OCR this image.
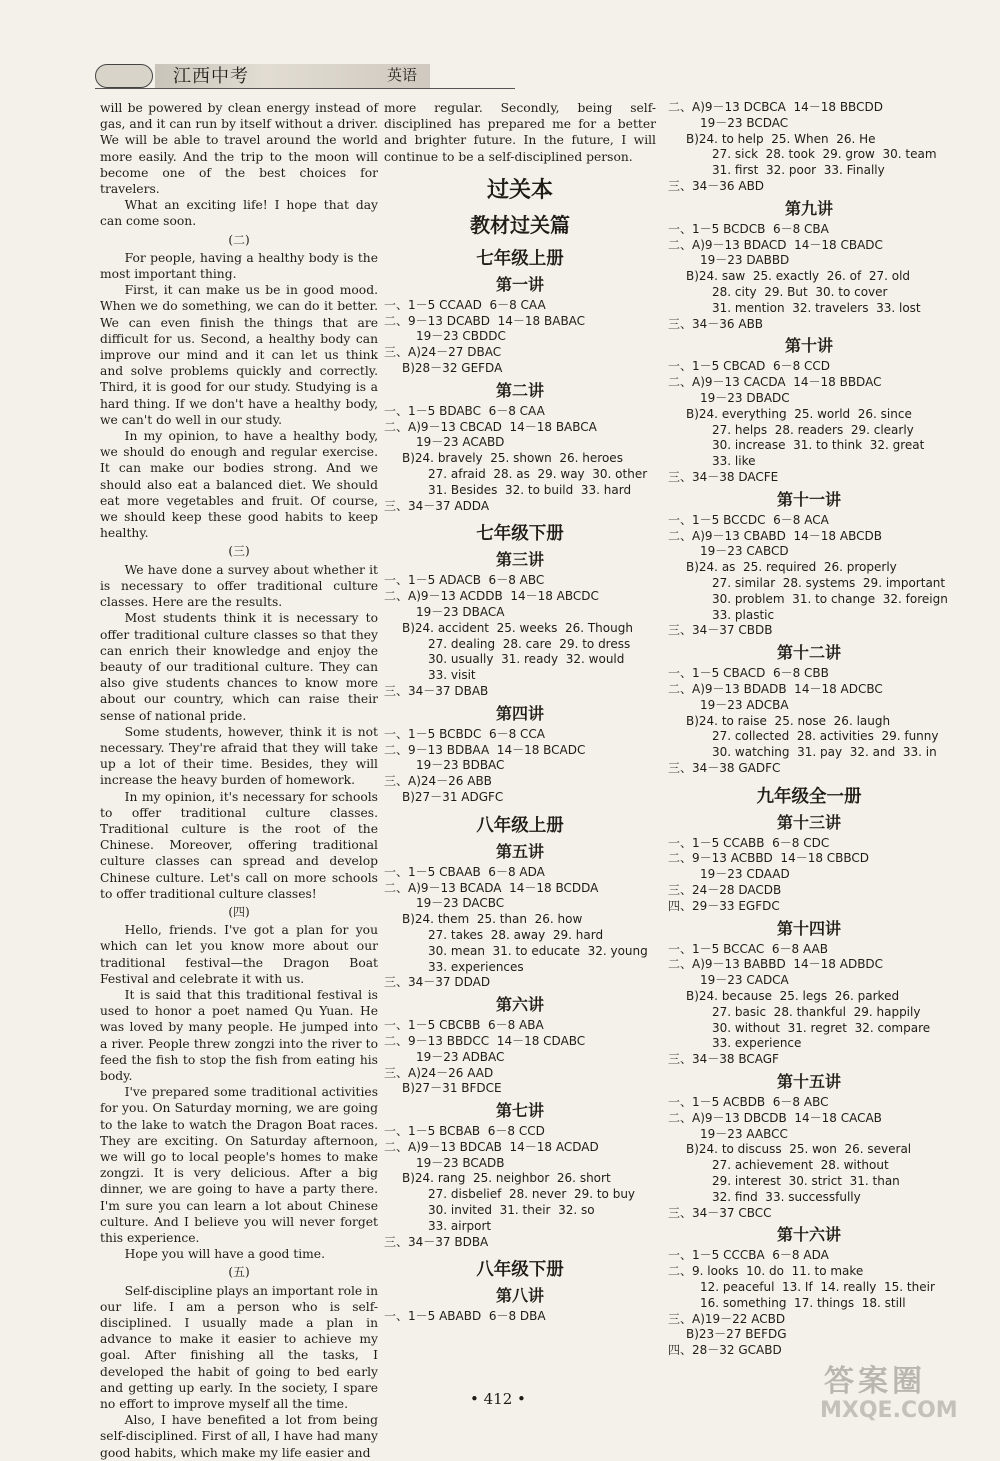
江西中考	英语

will be powered by clean energy instead of gas, and it can run by itself without a driver. We will be able to travel around the world more easily. And the trip to the moon will become one of the best choices for travelers.

What an exciting life! I hope that day can come soon.

(二)

For people, having a healthy body is the most important thing.

First, it can make us be in good mood. When we do something, we can do it better. We can even finish the things that are difficult for us. Second, a healthy body can improve our mind and it can let us think and solve problems quickly and correctly. Third, it is good for our study. Studying is a hard thing. If we don't have a healthy body, we can't do well in our study.

In my opinion, to have a healthy body, we should do enough and regular exercise. It can make our bodies strong. And we should also eat a balanced diet. We should eat more vegetables and fruit. Of course, we should keep these good habits to keep healthy.

(三)

We have done a survey about whether it is necessary to offer traditional culture classes. Here are the results.

Most students think it is necessary to offer traditional culture classes so that they can enrich their knowledge and enjoy the beauty of our traditional culture. They can also give students chances to know more about our country, which can raise their sense of national pride.

Some students, however, think it is not necessary. They're afraid that they will take up a lot of their time. Besides, they will increase the heavy burden of homework.

In my opinion, it's necessary for schools to offer traditional culture classes. Traditional culture is the root of the Chinese. Moreover, offering traditional culture classes can spread and develop Chinese culture. Let's call on more schools to offer traditional culture classes!

(四)

Hello, friends. I've got a plan for you which can let you know more about our traditional festival—the Dragon Boat Festival and celebrate it with us.

It is said that this traditional festival is used to honor a poet named Qu Yuan. He was loved by many people. He jumped into a river. People threw zongzi into the river to feed the fish to stop the fish from eating his body.

I've prepared some traditional activities for you. On Saturday morning, we are going to the lake to watch the Dragon Boat races. They are exciting. On Saturday afternoon, we will go to local people's homes to make zongzi. It is very delicious. After a big dinner, we are going to have a party there. I'm sure you can learn a lot about Chinese culture. And I believe you will never forget this experience.

Hope you will have a good time.

(五)

Self-discipline plays an important role in our life. I am a person who is self-disciplined. I usually made a plan in advance to make it easier to achieve my goal. After finishing all the tasks, I developed the habit of going to bed early and getting up early. In the society, I spare no effort to improve myself all the time.

Also, I have benefited a lot from being self-disciplined. First of all, I have had many good habits, which make my life easier and

more regular. Secondly, being self-disciplined has prepared me for a better and brighter future. In the future, I will continue to be a self-disciplined person.

过关本
教材过关篇
七年级上册
第一讲
一、1－5 CCAAD  6－8 CAA
二、9－13 DCABD  14－18 BABAC
19－23 CBDDC
三、A)24－27 DBAC
B)28－32 GEFDA
第二讲
一、1－5 BDABC  6－8 CAA
二、A)9－13 CBCAD  14－18 BABCA
19－23 ACABD
B)24. bravely  25. shown  26. heroes
27. afraid  28. as  29. way  30. other
31. Besides  32. to build  33. hard
三、34－37 ADDA
七年级下册
第三讲
一、1－5 ADACB  6－8 ABC
二、A)9－13 ACDDB  14－18 ABCDC
19－23 DBACA
B)24. accident  25. weeks  26. Though
27. dealing  28. care  29. to dress
30. usually  31. ready  32. would
33. visit
三、34－37 DBAB
第四讲
一、1－5 BCBDC  6－8 CCA
二、9－13 BDBAA  14－18 BCADC
19－23 BDBAC
三、A)24－26 ABB
B)27－31 ADGFC
八年级上册
第五讲
一、1－5 CBAAB  6－8 ADA
二、A)9－13 BCADA  14－18 BCDDA
19－23 DACBC
B)24. them  25. than  26. how
27. takes  28. away  29. hard
30. mean  31. to educate  32. young
33. experiences
三、34－37 DDAD
第六讲
一、1－5 CBCBB  6－8 ABA
二、9－13 BBDCC  14－18 CDABC
19－23 ADBAC
三、A)24－26 AAD
B)27－31 BFDCE
第七讲
一、1－5 BCBAB  6－8 CCD
二、A)9－13 BDCAB  14－18 ACDAD
19－23 BCADB
B)24. rang  25. neighbor  26. short
27. disbelief  28. never  29. to buy
30. invited  31. their  32. so
33. airport
三、34－37 BDBA
八年级下册
第八讲
一、1－5 ABABD  6－8 DBA
二、A)9－13 DCBCA  14－18 BBCDD
19－23 BCDAC
B)24. to help  25. When  26. He
27. sick  28. took  29. grow  30. team
31. first  32. poor  33. Finally
三、34－36 ABD
第九讲
一、1－5 BCDCB  6－8 CBA
二、A)9－13 BDACD  14－18 CBADC
19－23 DABBD
B)24. saw  25. exactly  26. of  27. old
28. city  29. But  30. to cover
31. mention  32. travelers  33. lost
三、34－36 ABB
第十讲
一、1－5 CBCAD  6－8 CCD
二、A)9－13 CACDA  14－18 BBDAC
19－23 DBADC
B)24. everything  25. world  26. since
27. helps  28. readers  29. clearly
30. increase  31. to think  32. great
33. like
三、34－38 DACFE
第十一讲
一、1－5 BCCDC  6－8 ACA
二、A)9－13 CBABD  14－18 ABCDB
19－23 CABCD
B)24. as  25. required  26. properly
27. similar  28. systems  29. important
30. problem  31. to change  32. foreign
33. plastic
三、34－37 CBDB
第十二讲
一、1－5 CBACD  6－8 CBB
二、A)9－13 BDADB  14－18 ADCBC
19－23 ADCBA
B)24. to raise  25. nose  26. laugh
27. collected  28. activities  29. funny
30. watching  31. pay  32. and  33. in
三、34－38 GADFC
九年级全一册
第十三讲
一、1－5 CCABB  6－8 CDC
二、9－13 ACBBD  14－18 CBBCD
19－23 CDAAD
三、24－28 DACDB
四、29－33 EGFDC
第十四讲
一、1－5 BCCAC  6－8 AAB
二、A)9－13 BABBD  14－18 ADBDC
19－23 CADCA
B)24. because  25. legs  26. parked
27. basic  28. thankful  29. happily
30. without  31. regret  32. compare
33. experience
三、34－38 BCAGF
第十五讲
一、1－5 ACBDB  6－8 ABC
二、A)9－13 DBCDB  14－18 CACAB
19－23 AABCC
B)24. to discuss  25. won  26. several
27. achievement  28. without
29. interest  30. strict  31. than
32. find  33. successfully
三、34－37 CBCC
第十六讲
一、1－5 CCCBA  6－8 ADA
二、9. looks  10. do  11. to make
12. peaceful  13. If  14. really  15. their
16. something  17. things  18. still
三、A)19－22 ACBD
B)23－27 BEFDG
四、28－32 GCABD
• 412 •	答案圈
MXQE.COM
